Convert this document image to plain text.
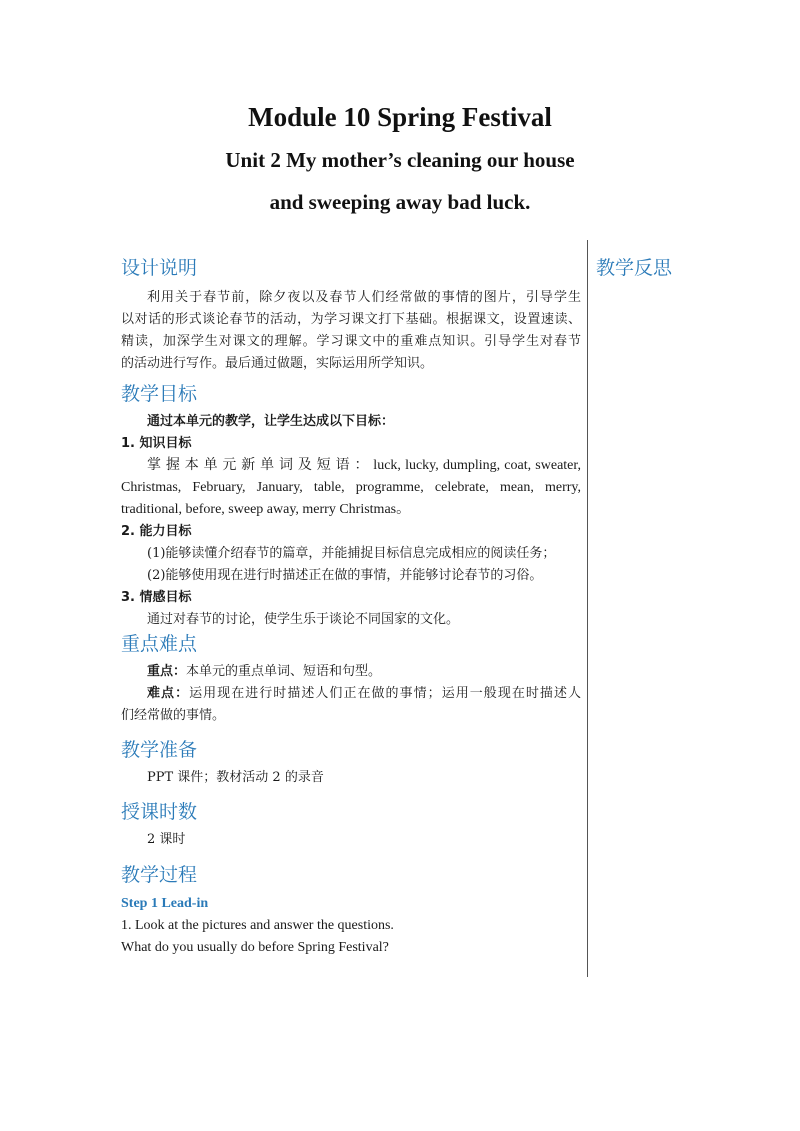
Module 10 Spring Festival
Unit 2 My mother’s cleaning our house
and sweeping away bad luck.
教学反思
设计说明
利用关于春节前，除夕夜以及春节人们经常做的事情的图片，引导学生
以对话的形式谈论春节的活动，为学习课文打下基础。根据课文，设置速读、
精读，加深学生对课文的理解。学习课文中的重难点知识。引导学生对春节
的活动进行写作。最后通过做题，实际运用所学知识。
教学目标
通过本单元的教学，让学生达成以下目标：
1. 知识目标
掌 握 本 单 元 新 单 词 及 短 语 ： luck, lucky, dumpling, coat, sweater,
Christmas, February, January, table, programme, celebrate, mean, merry,
traditional, before, sweep away, merry Christmas。
2. 能力目标
(1)能够读懂介绍春节的篇章，并能捕捉目标信息完成相应的阅读任务；
(2)能够使用现在进行时描述正在做的事情，并能够讨论春节的习俗。
3. 情感目标
通过对春节的讨论，使学生乐于谈论不同国家的文化。
重点难点
重点：本单元的重点单词、短语和句型。
难点：运用现在进行时描述人们正在做的事情；运用一般现在时描述人
们经常做的事情。
教学准备
PPT 课件；教材活动 2 的录音
授课时数
2 课时
教学过程
Step 1 Lead-in
1. Look at the pictures and answer the questions.
What do you usually do before Spring Festival?
